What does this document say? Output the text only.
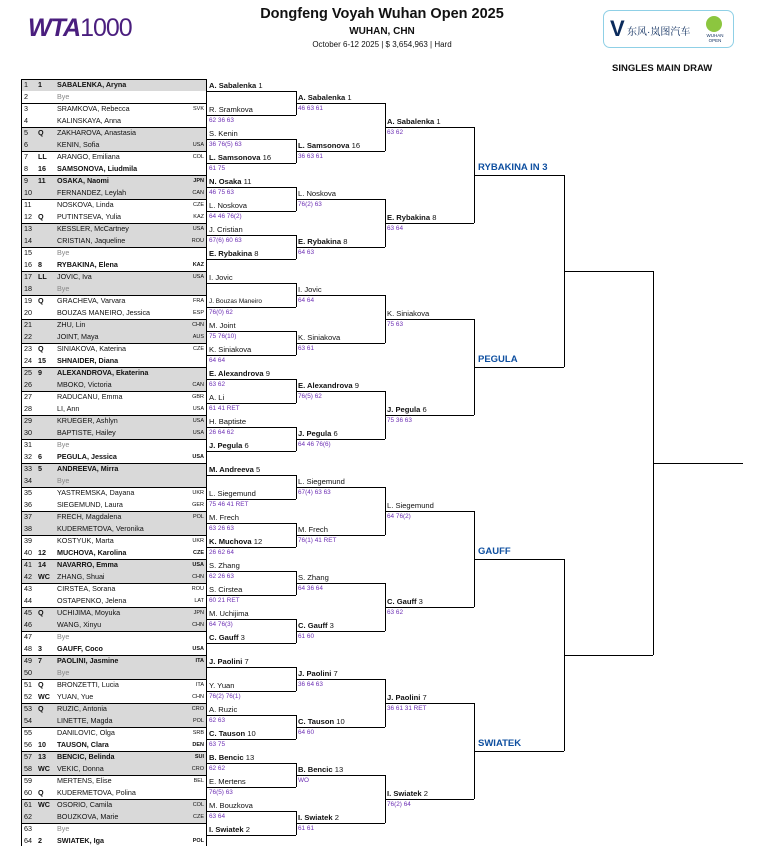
WTA1000	Dongfeng Voyah Wuhan Open 2025
WUHAN, CHN
October 6-12 2025 | $ 3,654,963 | Hard
V 东风·岚图汽车	WUHAN OPEN
SINGLES MAIN DRAW
1	1	SABALENKA, Aryna
2	Bye
3	SRAMKOVA, Rebecca	SVK
4	KALINSKAYA, Anna
5	Q	ZAKHAROVA, Anastasia
6	KENIN, Sofia	USA
7	LL	ARANGO, Emiliana	COL
8	16	SAMSONOVA, Liudmila
9	11	OSAKA, Naomi	JPN
10	FERNANDEZ, Leylah	CAN
11	NOSKOVA, Linda	CZE
12 Q	PUTINTSEVA, Yulia	KAZ
13	KESSLER, McCartney	USA
14	CRISTIAN, Jaqueline	ROU
15	Bye
16 8	RYBAKINA, Elena	KAZ
17 LL	JOVIC, Iva	USA
18	Bye
19 Q	GRACHEVA, Varvara	FRA
20	BOUZAS MANEIRO, Jessica	ESP
21	ZHU, Lin	CHN
22	JOINT, Maya	AUS
23 Q	SINIAKOVA, Katerina	CZE
24 15	SHNAIDER, Diana
25 9	ALEXANDROVA, Ekaterina
26	MBOKO, Victoria	CAN
27	RADUCANU, Emma	GBR
28	LI, Ann	USA
29	KRUEGER, Ashlyn	USA
30	BAPTISTE, Hailey	USA
31	Bye
32 6	PEGULA, Jessica	USA
33 5	ANDREEVA, Mirra
34	Bye
35	YASTREMSKA, Dayana	UKR
36	SIEGEMUND, Laura	GER
37	FRECH, Magdalena	POL
38	KUDERMETOVA, Veronika
39	KOSTYUK, Marta	UKR
40 12	MUCHOVA, Karolina	CZE
41 14	NAVARRO, Emma	USA
42 WC ZHANG, Shuai	CHN
43	CIRSTEA, Sorana	ROU
44	OSTAPENKO, Jelena	LAT
45 Q	UCHIJIMA, Moyuka	JPN
46	WANG, Xinyu	CHN
47	Bye
48 3	GAUFF, Coco	USA
49 7	PAOLINI, Jasmine	ITA
50	Bye
51 Q	BRONZETTI, Lucia	ITA
52 WC YUAN, Yue	CHN
53 Q	RUZIC, Antonia	CRO
54	LINETTE, Magda	POL
55	DANILOVIC, Olga	SRB
56 10	TAUSON, Clara	DEN
57 13	BENCIC, Belinda	SUI
58 WC VEKIC, Donna	CRO
59	MERTENS, Elise	BEL
60 Q	KUDERMETOVA, Polina
61 WC OSORIO, Camila	COL
62	BOUZKOVA, Marie	CZE
63	Bye
64 2	SWIATEK, Iga	POL
A. Sabalenka 1
R. Sramkova
62 36 63
S. Kenin
36 76(5) 63
L. Samsonova 16
61 75
N. Osaka 11
46 75 63
L. Noskova
64 46 76(2)
J. Cristian
67(6) 60 63
E. Rybakina 8
I. Jovic
J. Bouzas Maneiro
76(0) 62
M. Joint
75 76(10)
K. Siniakova
64 64
E. Alexandrova 9
63 62
A. Li
61 41 RET
H. Baptiste
26 64 62
J. Pegula 6
M. Andreeva 5
L. Siegemund
75 46 41 RET
M. Frech
63 26 63
K. Muchova 12
26 62 64
S. Zhang
62 26 63
S. Cirstea
60 21 RET
M. Uchijima
64 76(3)
C. Gauff 3
J. Paolini 7
Y. Yuan
76(2) 76(1)
A. Ruzic
62 63
C. Tauson 10
63 75
B. Bencic 13
62 62
E. Mertens
76(5) 63
M. Bouzkova
63 64
I. Swiatek 2
A. Sabalenka 1
46 63 61
L. Samsonova 16
36 63 61
L. Noskova
76(2) 63
E. Rybakina 8
64 63
I. Jovic
64 64
K. Siniakova
63 61
E. Alexandrova 9
76(5) 62
J. Pegula 6
64 46 76(6)
L. Siegemund
67(4) 63 63
M. Frech
76(1) 41 RET
S. Zhang
64 36 64
C. Gauff 3
61 60
J. Paolini 7
36 64 63
C. Tauson 10
64 60
B. Bencic 13
WO
I. Swiatek 2
61 61
A. Sabalenka 1
63 62
E. Rybakina 8
63 64
K. Siniakova
75 63
J. Pegula 6
75 36 63
L. Siegemund
64 76(2)
C. Gauff 3
63 62
J. Paolini 7
36 61 31 RET
I. Swiatek 2
76(2) 64
RYBAKINA IN 3
PEGULA
GAUFF
SWIATEK
